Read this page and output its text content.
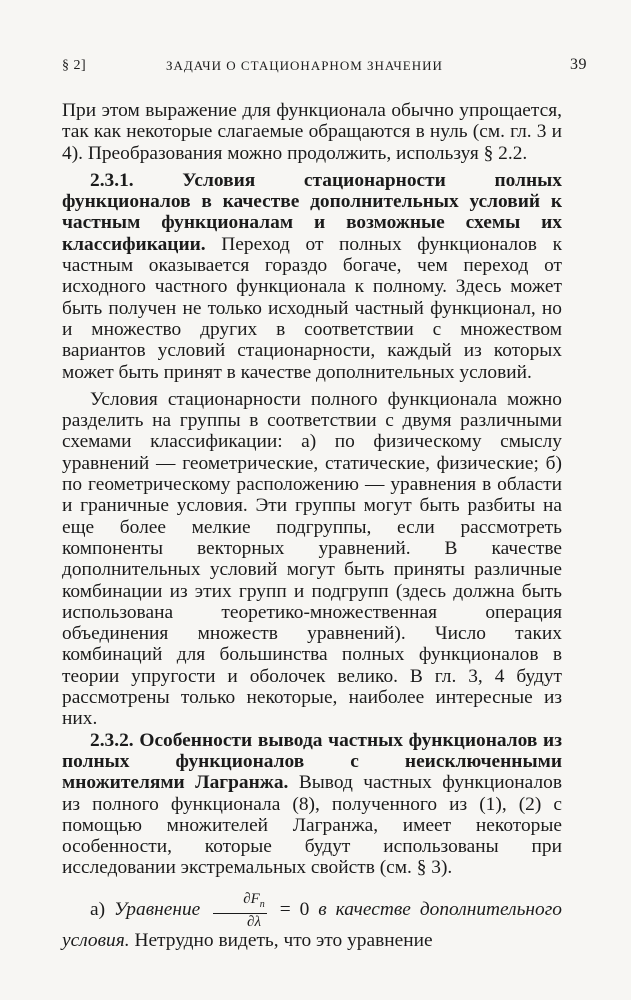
§ 2]	ЗАДАЧИ О СТАЦИОНАРНОМ ЗНАЧЕНИИ	39

При этом выражение для функционала обычно упрощается, так как некоторые слагаемые обращаются в нуль (см. гл. 3 и 4). Преобразования можно продолжить, используя § 2.2.

2.3.1. Условия стационарности полных функционалов в качестве дополнительных условий к частным функционалам и возможные схемы их классификации. Переход от полных функционалов к частным оказывается гораздо богаче, чем переход от исходного частного функционала к полному. Здесь может быть получен не только исходный частный функционал, но и множество других в соответствии с множеством вариантов условий стационарности, каждый из которых может быть принят в качестве дополнительных условий.

Условия стационарности полного функционала можно разделить на группы в соответствии с двумя различными схемами классификации: а) по физическому смыслу уравнений — геометрические, статические, физические; б) по геометрическому расположению — уравнения в области и граничные условия. Эти группы могут быть разбиты на еще более мелкие подгруппы, если рассмотреть компоненты векторных уравнений. В качестве дополнительных условий могут быть приняты различные комбинации из этих групп и подгрупп (здесь должна быть использована теоретико-множественная операция объединения множеств уравнений). Число таких комбинаций для большинства полных функционалов в теории упругости и оболочек велико. В гл. 3, 4 будут рассмотрены только некоторые, наиболее интересные из них.

2.3.2. Особенности вывода частных функционалов из полных функционалов с неисключенными множителями Лагранжа. Вывод частных функционалов из полного функционала (8), полученного из (1), (2) с помощью множителей Лагранжа, имеет некоторые особенности, которые будут использованы при исследовании экстремальных свойств (см. § 3).

а) Уравнение $\frac{\partial F_п}{\partial\lambda} = 0$ в качестве дополнительного условия. Нетрудно видеть, что это уравнение
